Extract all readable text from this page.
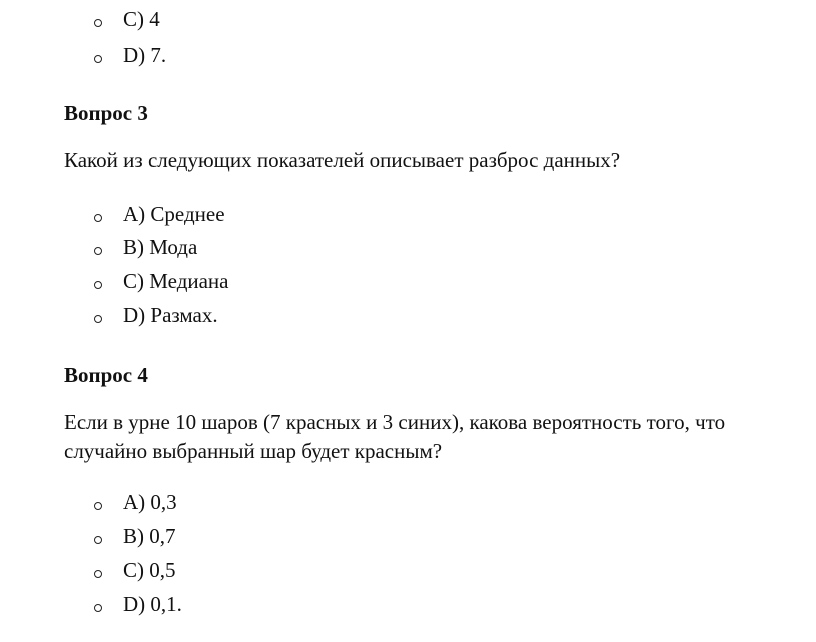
C) 4
D) 7.
Вопрос 3
Какой из следующих показателей описывает разброс данных?
A) Среднее
B) Мода
C) Медиана
D) Размах.
Вопрос 4
Если в урне 10 шаров (7 красных и 3 синих), какова вероятность того, что случайно выбранный шар будет красным?
A) 0,3
B) 0,7
C) 0,5
D) 0,1.
